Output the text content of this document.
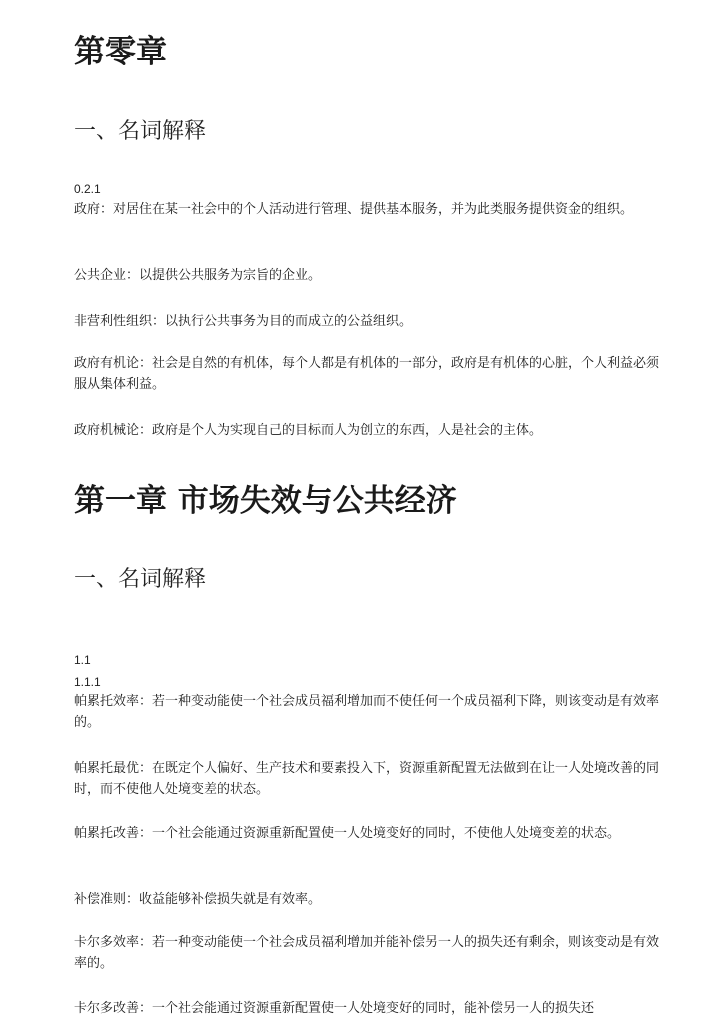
第零章
一、名词解释
0.2.1

政府：对居住在某一社会中的个人活动进行管理、提供基本服务，并为此类服务提供资金的组织。

公共企业：以提供公共服务为宗旨的企业。

非营利性组织：以执行公共事务为目的而成立的公益组织。

政府有机论：社会是自然的有机体，每个人都是有机体的一部分，政府是有机体的心脏，个人利益必须服从集体利益。

政府机械论：政府是个人为实现自己的目标而人为创立的东西，人是社会的主体。

第一章 市场失效与公共经济
一、名词解释
1.1
1.1.1

帕累托效率：若一种变动能使一个社会成员福利增加而不使任何一个成员福利下降，则该变动是有效率的。

帕累托最优：在既定个人偏好、生产技术和要素投入下，资源重新配置无法做到在让一人处境改善的同时，而不使他人处境变差的状态。

帕累托改善：一个社会能通过资源重新配置使一人处境变好的同时，不使他人处境变差的状态。

补偿准则：收益能够补偿损失就是有效率。

卡尔多效率：若一种变动能使一个社会成员福利增加并能补偿另一人的损失还有剩余，则该变动是有效率的。

卡尔多改善：一个社会能通过资源重新配置使一人处境变好的同时，能补偿另一人的损失还
